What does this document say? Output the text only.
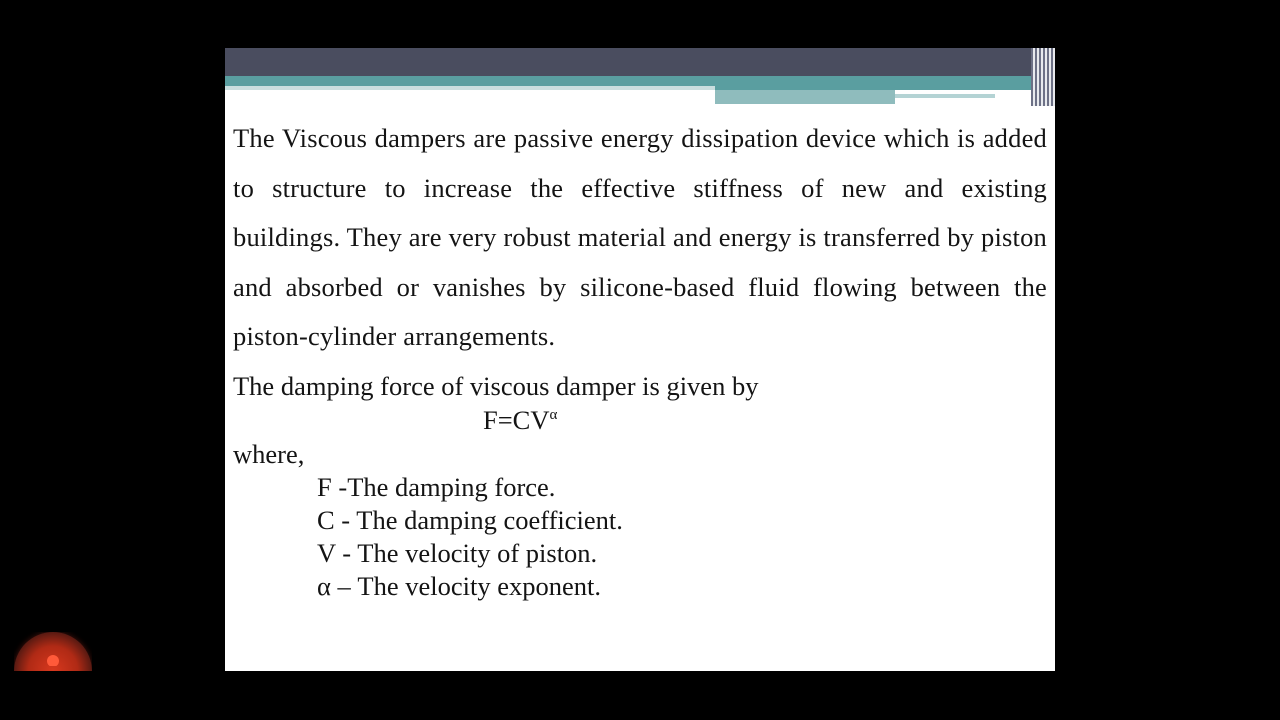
The Viscous dampers are passive energy dissipation device which is added to structure to increase the effective stiffness of new and existing buildings. They are very robust material and energy is transferred by piston and absorbed or vanishes by silicone-based fluid flowing between the piston-cylinder arrangements.

The damping force of viscous damper is given by
$F=CV^\alpha$
where,
F -The damping force.
C - The damping coefficient.
V - The velocity of piston.
α – The velocity exponent.
